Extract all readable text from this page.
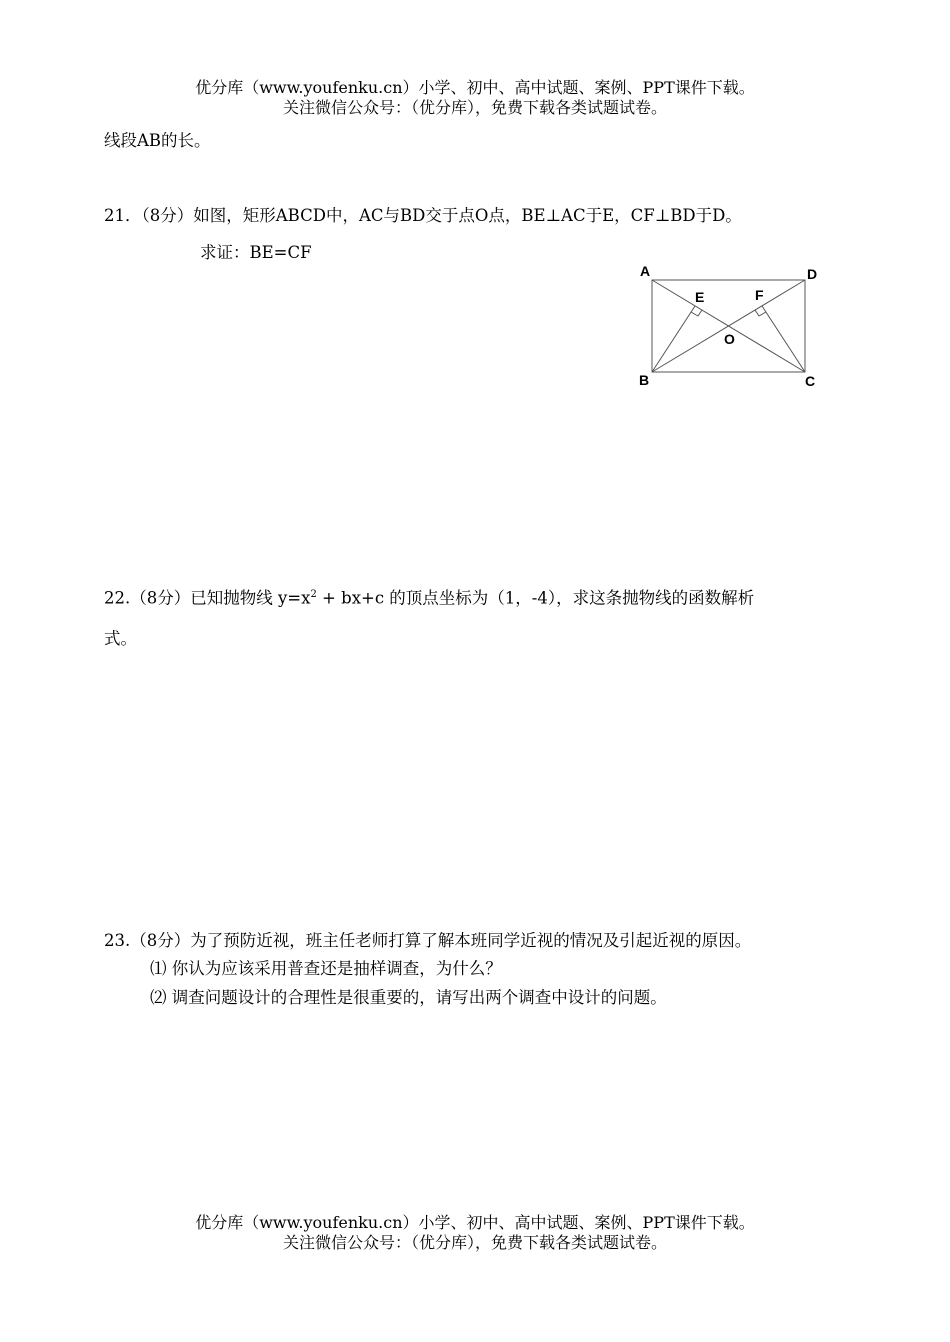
优分库（www.youfenku.cn）小学、初中、高中试题、案例、PPT课件下载。
关注微信公众号：（优分库），免费下载各类试题试卷。
线段AB的长。
21．（8分）如图，矩形ABCD中，AC与BD交于点O点，BE⊥AC于E，CF⊥BD于D。
求证：BE=CF
A	D
B	C
E	F
O
22.（8分）已知抛物线 $y=x^2 + bx+c$ 的顶点坐标为（1，-4），求这条抛物线的函数解析
式。
23.（8分）为了预防近视，班主任老师打算了解本班同学近视的情况及引起近视的原因。
⑴ 你认为应该采用普查还是抽样调查，为什么？
⑵ 调查问题设计的合理性是很重要的，请写出两个调查中设计的问题。
优分库（www.youfenku.cn）小学、初中、高中试题、案例、PPT课件下载。
关注微信公众号：（优分库），免费下载各类试题试卷。
